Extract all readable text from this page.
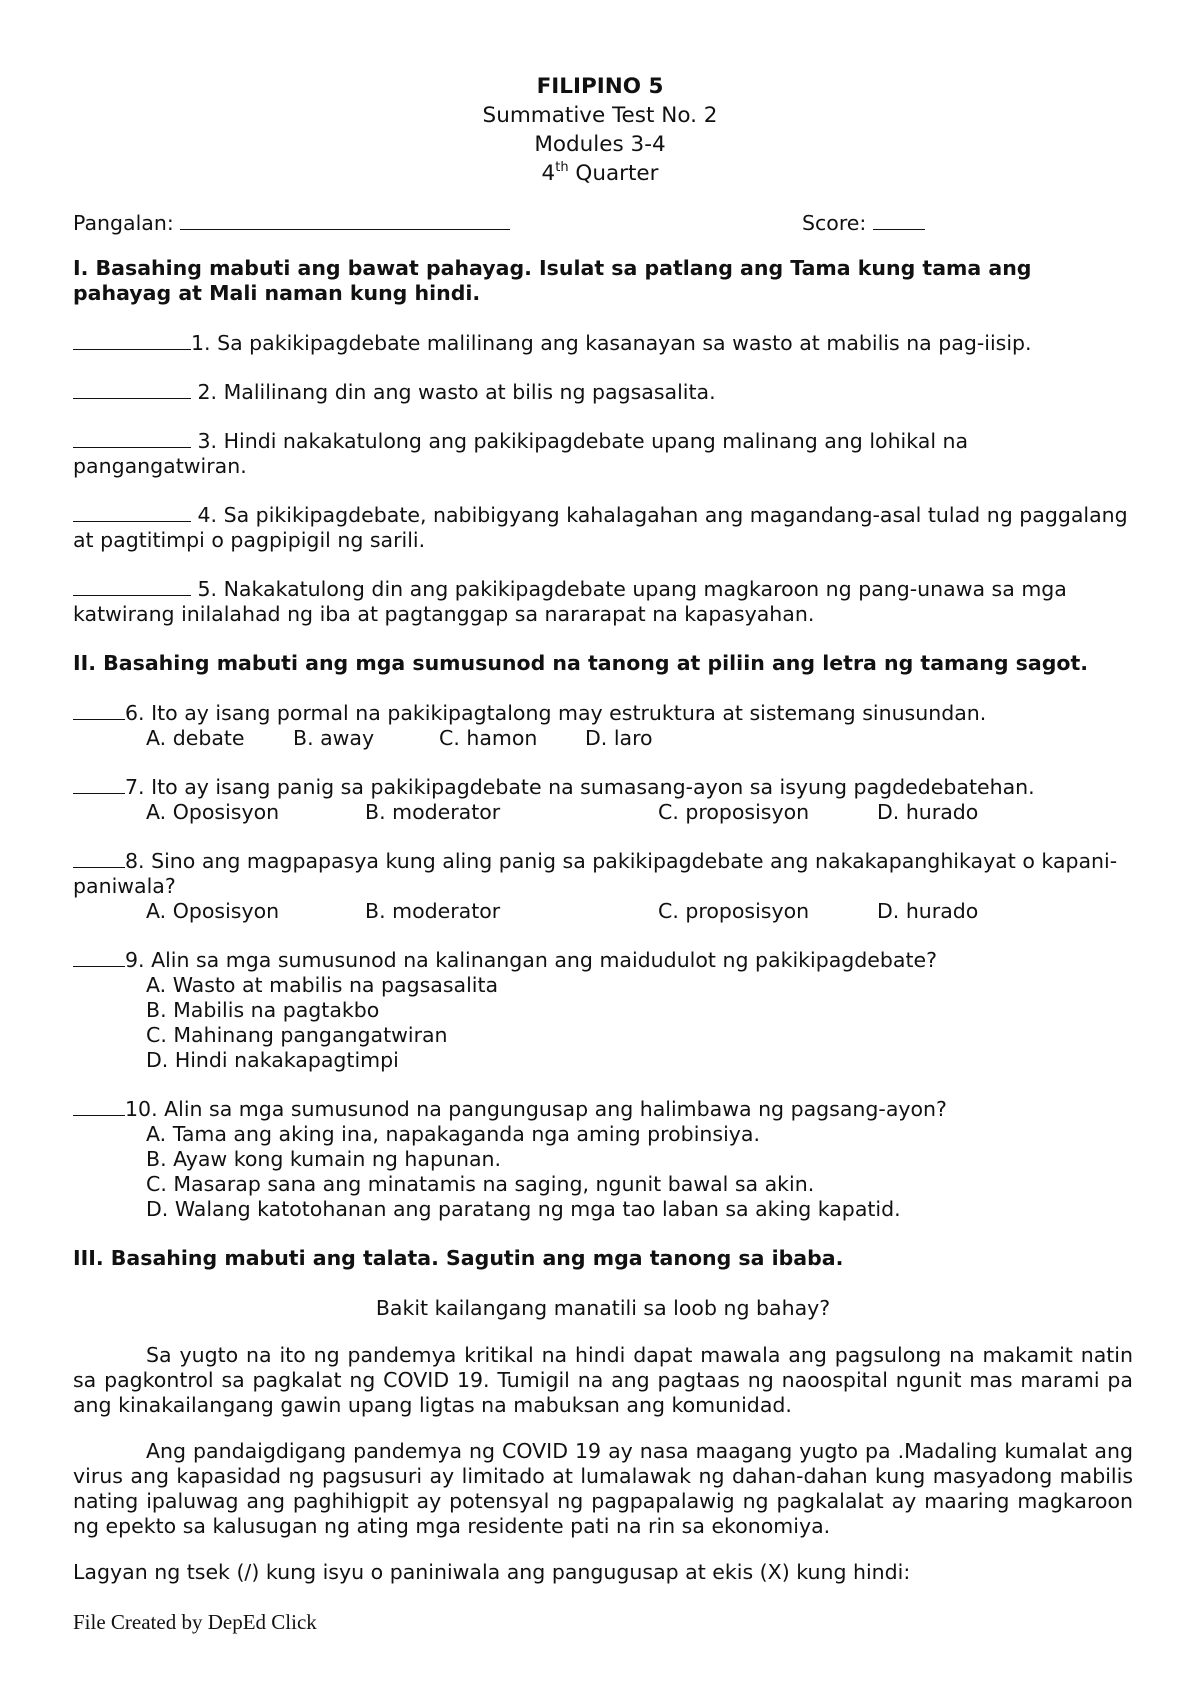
FILIPINO 5
Summative Test No. 2
Modules 3-4
4th Quarter
Pangalan:	Score:

I. Basahing mabuti ang bawat pahayag. Isulat sa patlang ang Tama kung tama ang pahayag at Mali naman kung hindi.

1. Sa pakikipagdebate malilinang ang kasanayan sa wasto at mabilis na pag-iisip.

2. Malilinang din ang wasto at bilis ng pagsasalita.

3. Hindi nakakatulong ang pakikipagdebate upang malinang ang lohikal na pangangatwiran.

4. Sa pikikipagdebate, nabibigyang kahalagahan ang magandang-asal tulad ng paggalang at pagtitimpi o pagpipigil ng sarili.

5. Nakakatulong din ang pakikipagdebate upang magkaroon ng pang-unawa sa mga katwirang inilalahad ng iba at pagtanggap sa nararapat na kapasyahan.

II. Basahing mabuti ang mga sumusunod na tanong at piliin ang letra ng tamang sagot.

6. Ito ay isang pormal na pakikipagtalong may estruktura at sistemang sinusundan.

A. debate	B. away	C. hamon	D. laro

7. Ito ay isang panig sa pakikipagdebate na sumasang-ayon sa isyung pagdedebatehan.

A. Oposisyon	B. moderator	C. proposisyon	D. hurado

8. Sino ang magpapasya kung aling panig sa pakikipagdebate ang nakakapanghikayat o kapani-paniwala?

A. Oposisyon	B. moderator	C. proposisyon	D. hurado

9. Alin sa mga sumusunod na kalinangan ang maidudulot ng pakikipagdebate?

A. Wasto at mabilis na pagsasalita
B. Mabilis na pagtakbo
C. Mahinang pangangatwiran
D. Hindi nakakapagtimpi

10. Alin sa mga sumusunod na pangungusap ang halimbawa ng pagsang-ayon?

A. Tama ang aking ina, napakaganda nga aming probinsiya.
B. Ayaw kong kumain ng hapunan.
C. Masarap sana ang minatamis na saging, ngunit bawal sa akin.
D. Walang katotohanan ang paratang ng mga tao laban sa aking kapatid.

III. Basahing mabuti ang talata. Sagutin ang mga tanong sa ibaba.

Bakit kailangang manatili sa loob ng bahay?

Sa yugto na ito ng pandemya kritikal na hindi dapat mawala ang pagsulong na makamit natin sa pagkontrol sa pagkalat ng COVID 19. Tumigil na ang pagtaas ng naoospital ngunit mas marami pa ang kinakailangang gawin upang ligtas na mabuksan ang komunidad.

Ang pandaigdigang pandemya ng COVID 19 ay nasa maagang yugto pa .Madaling kumalat ang virus ang kapasidad ng pagsusuri ay limitado at lumalawak ng dahan-dahan kung masyadong mabilis nating ipaluwag ang paghihigpit ay potensyal ng pagpapalawig ng pagkalalat ay maaring magkaroon ng epekto sa kalusugan ng ating mga residente pati na rin sa ekonomiya.

Lagyan ng tsek (/) kung isyu o paniniwala ang pangugusap at ekis (X) kung hindi:

File Created by DepEd Click
